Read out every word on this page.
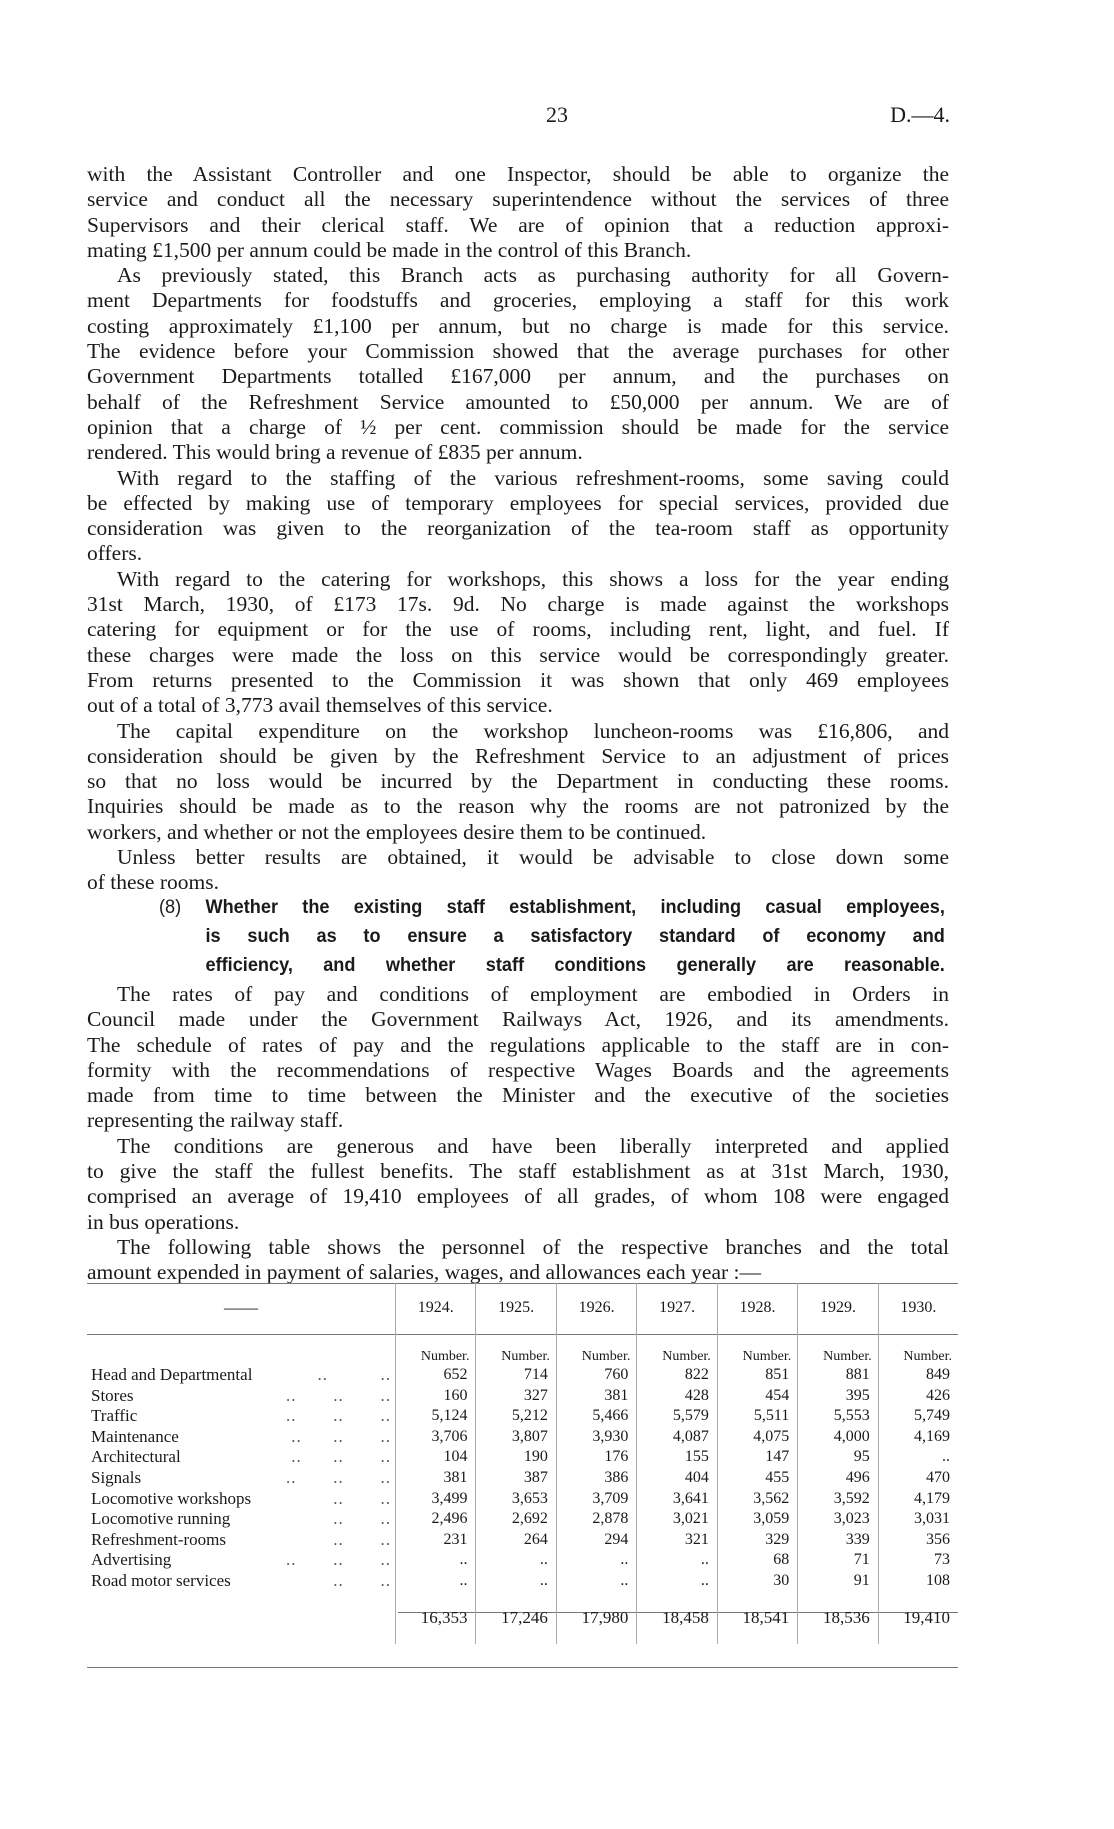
23	D.—4.
with the Assistant Controller and one Inspector, should be able to organize the
service and conduct all the necessary superintendence without the services of three
Supervisors and their clerical staff. We are of opinion that a reduction approxi-
mating £1,500 per annum could be made in the control of this Branch.
As previously stated, this Branch acts as purchasing authority for all Govern-
ment Departments for foodstuffs and groceries, employing a staff for this work
costing approximately £1,100 per annum, but no charge is made for this service.
The evidence before your Commission showed that the average purchases for other
Government Departments totalled £167,000 per annum, and the purchases on
behalf of the Refreshment Service amounted to £50,000 per annum. We are of
opinion that a charge of ½ per cent. commission should be made for the service
rendered. This would bring a revenue of £835 per annum.
With regard to the staffing of the various refreshment-rooms, some saving could
be effected by making use of temporary employees for special services, provided due
consideration was given to the reorganization of the tea-room staff as opportunity
offers.
With regard to the catering for workshops, this shows a loss for the year ending
31st March, 1930, of £173 17s. 9d. No charge is made against the workshops
catering for equipment or for the use of rooms, including rent, light, and fuel. If
these charges were made the loss on this service would be correspondingly greater.
From returns presented to the Commission it was shown that only 469 employees
out of a total of 3,773 avail themselves of this service.
The capital expenditure on the workshop luncheon-rooms was £16,806, and
consideration should be given by the Refreshment Service to an adjustment of prices
so that no loss would be incurred by the Department in conducting these rooms.
Inquiries should be made as to the reason why the rooms are not patronized by the
workers, and whether or not the employees desire them to be continued.
Unless better results are obtained, it would be advisable to close down some
of these rooms.
(8) Whether the existing staff establishment, including casual employees,
is such as to ensure a satisfactory standard of economy and
efficiency, and whether staff conditions generally are reasonable.
The rates of pay and conditions of employment are embodied in Orders in
Council made under the Government Railways Act, 1926, and its amendments.
The schedule of rates of pay and the regulations applicable to the staff are in con-
formity with the recommendations of respective Wages Boards and the agreements
made from time to time between the Minister and the executive of the societies
representing the railway staff.
The conditions are generous and have been liberally interpreted and applied
to give the staff the fullest benefits. The staff establishment as at 31st March, 1930,
comprised an average of 19,410 employees of all grades, of whom 108 were engaged
in bus operations.
The following table shows the personnel of the respective branches and the total
amount expended in payment of salaries, wages, and allowances each year :—
——	1924.	1925.	1926.	1927.	1928.	1929.	1930.
	Number.	Number.	Number.	Number.	Number.	Number.	Number.
Head and Departmental ..          ..	652	714	760	822	851	881	849
Stores ..       ..       ..	160	327	381	428	454	395	426
Traffic ..       ..       ..	5,124	5,212	5,466	5,579	5,511	5,553	5,749
Maintenance ..      ..       ..	3,706	3,807	3,930	4,087	4,075	4,000	4,169
Architectural ..      ..       ..	104	190	176	155	147	95	..
Signals ..       ..       ..	381	387	386	404	455	496	470
Locomotive workshops ..       ..	3,499	3,653	3,709	3,641	3,562	3,592	4,179
Locomotive running ..       ..	2,496	2,692	2,878	3,021	3,059	3,023	3,031
Refreshment-rooms ..       ..	231	264	294	321	329	339	356
Advertising ..       ..       ..	..	..	..	..	68	71	73
Road motor services ..       ..	..	..	..	..	30	91	108
	16,353	17,246	17,980	18,458	18,541	18,536	19,410
